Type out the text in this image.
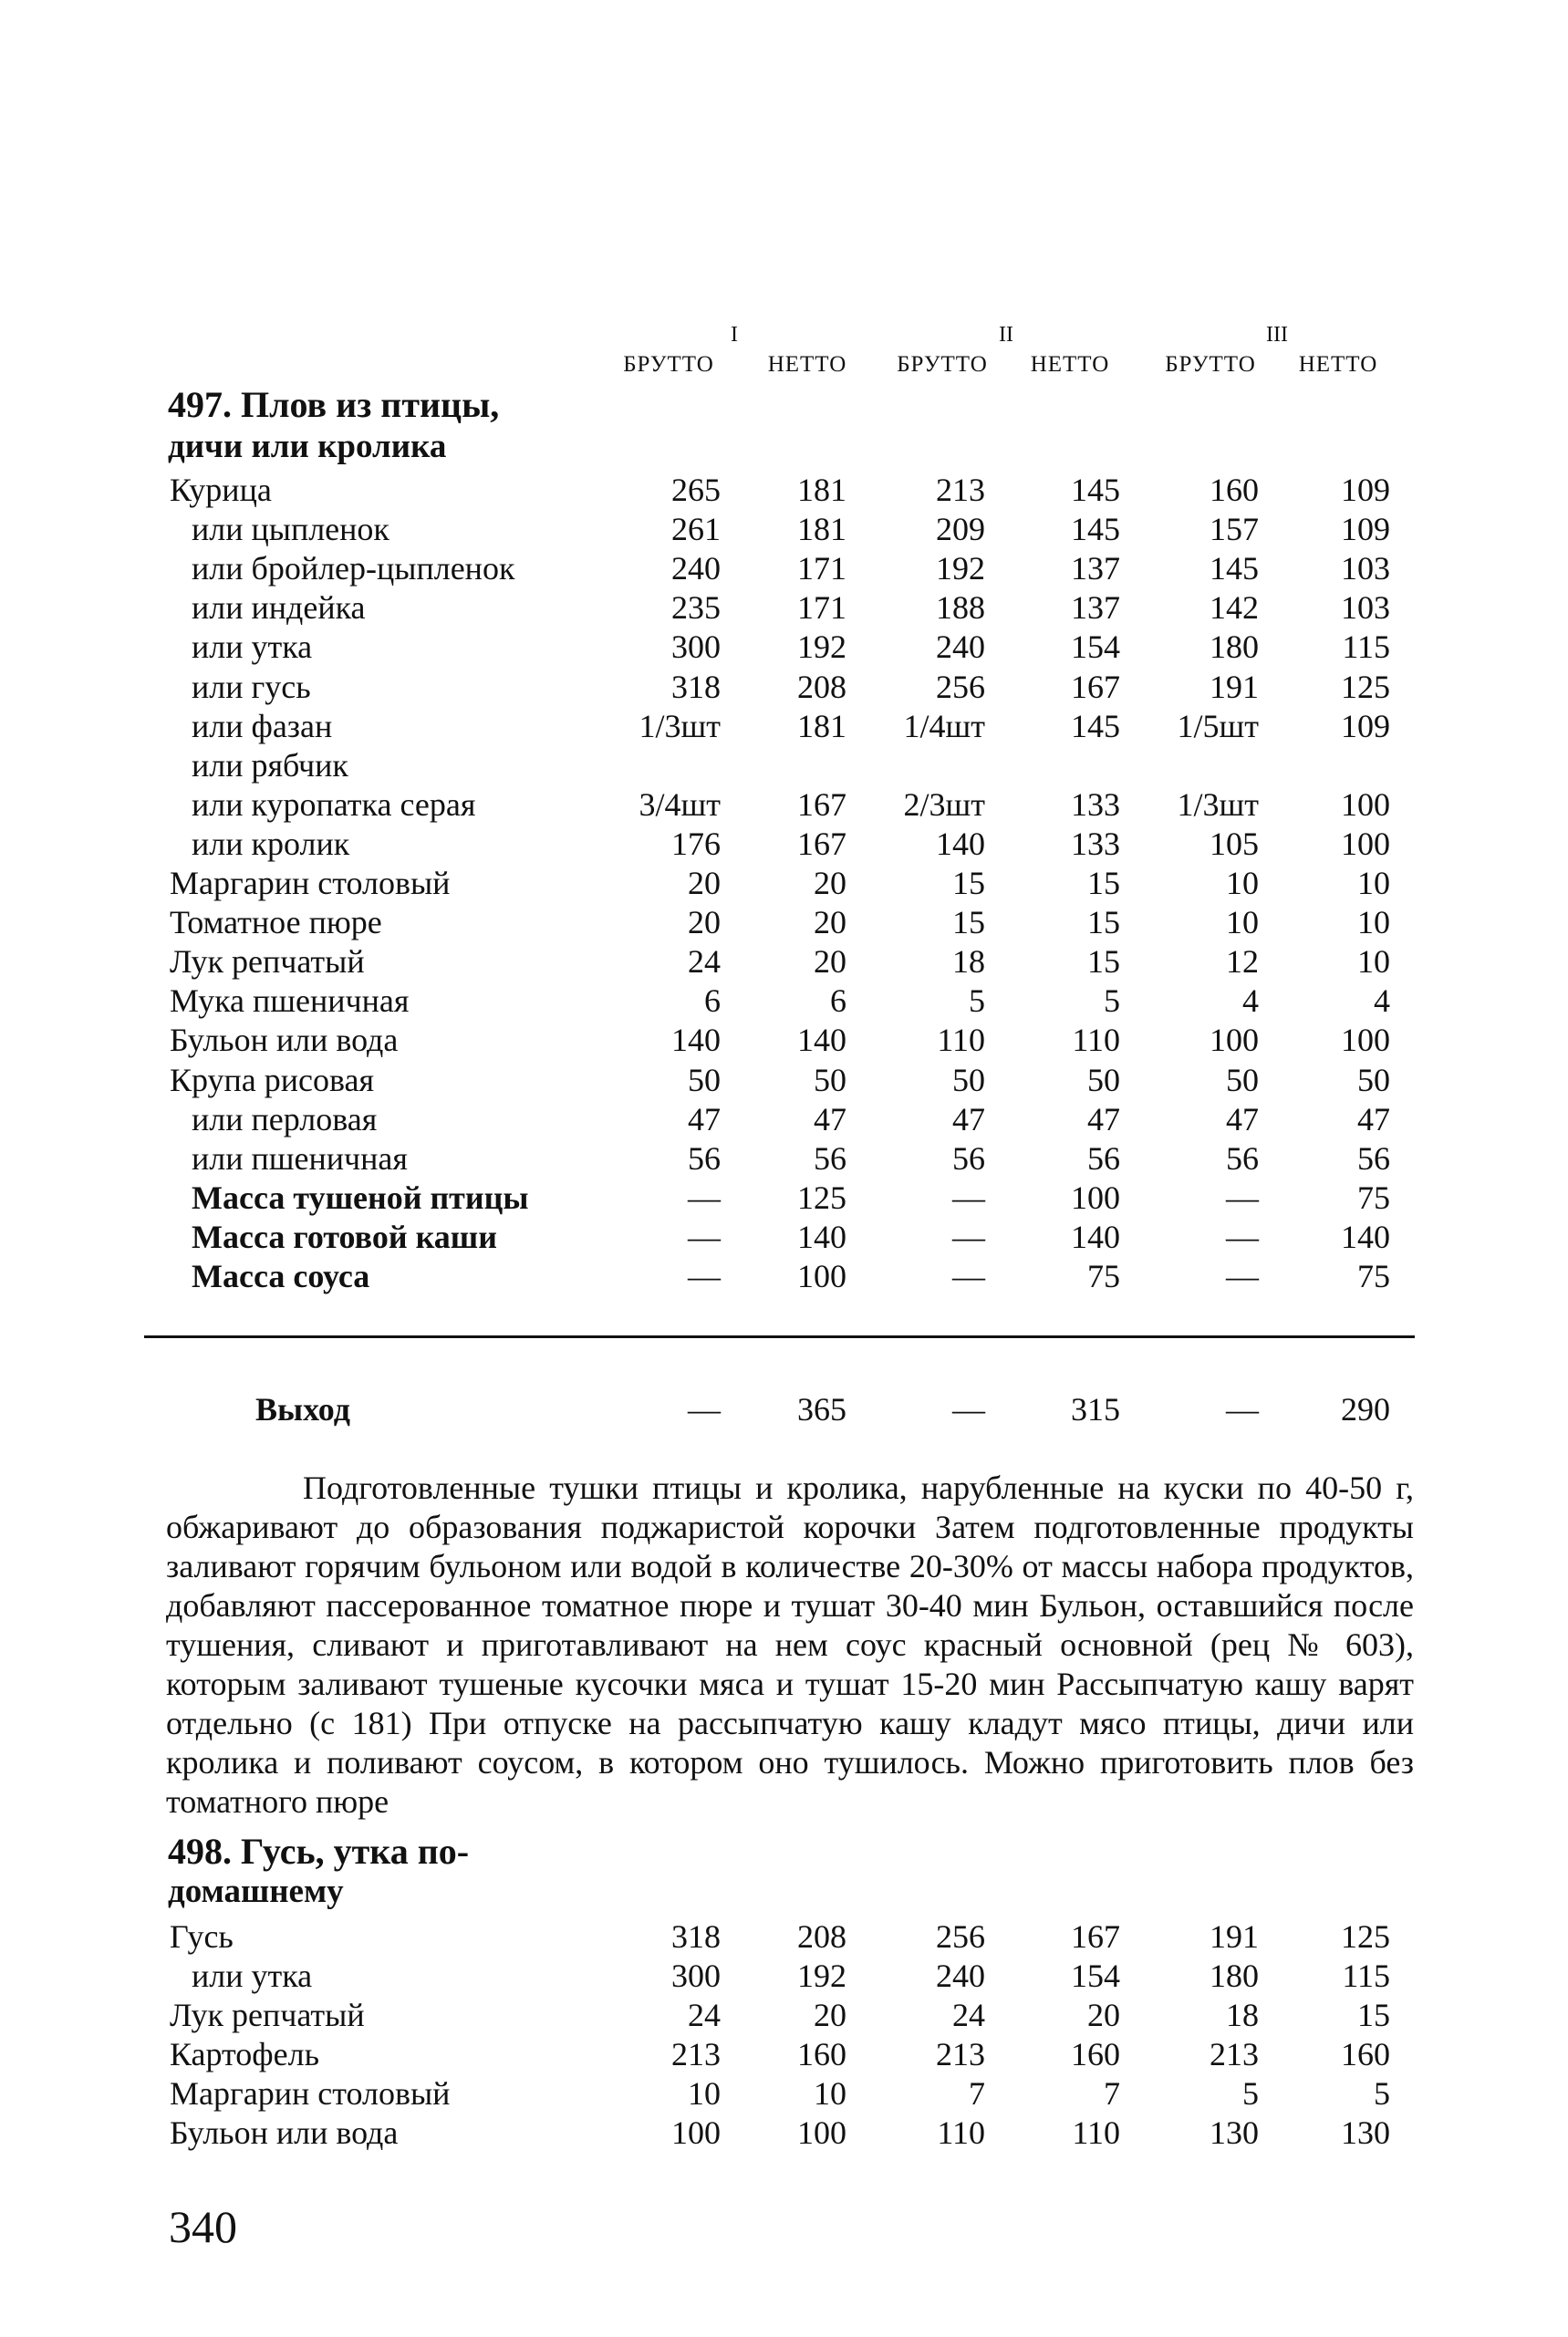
I	II	III
БРУТТО	НЕТТО	БРУТТО	НЕТТО	БРУТТО	НЕТТО
497. Плов из птицы,
дичи или кролика
Курица	265	181	213	145	160	109
или цыпленок	261	181	209	145	157	109
или бройлер-цыпленок	240	171	192	137	145	103
или индейка	235	171	188	137	142	103
или утка	300	192	240	154	180	115
или гусь	318	208	256	167	191	125
или фазан	1/3шт	181	1/4шт	145	1/5шт	109
или рябчик
или куропатка серая	3/4шт	167	2/3шт	133	1/3шт	100
или кролик	176	167	140	133	105	100
Маргарин столовый	20	20	15	15	10	10
Томатное пюре	20	20	15	15	10	10
Лук репчатый	24	20	18	15	12	10
Мука пшеничная	6	6	5	5	4	4
Бульон или вода	140	140	110	110	100	100
Крупа рисовая	50	50	50	50	50	50
или перловая	47	47	47	47	47	47
или пшеничная	56	56	56	56	56	56
Масса тушеной птицы	—	125	—	100	—	75
Масса готовой каши	—	140	—	140	—	140
Масса соуса	—	100	—	75	—	75
Выход	—	365	—	315	—	290
Подготовленные тушки птицы и кролика, нарубленные на куски по 40-50 г, обжаривают до образования поджаристой корочки Затем подготовленные продукты заливают горячим бульоном или водой в количестве 20-30% от массы набора продуктов, добавляют пассерованное томатное пюре и тушат 30-40 мин Бульон, оставшийся после тушения, сливают и приготавливают на нем соус красный основной (рец № 603), которым заливают тушеные кусочки мяса и тушат 15-20 мин Рассыпчатую кашу варят отдельно (с 181) При отпуске на рассыпчатую кашу кладут мясо птицы, дичи или кролика и поливают соусом, в котором оно тушилось. Можно приготовить плов без томатного пюре
498. Гусь, утка по-
домашнему
Гусь	318	208	256	167	191	125
или утка	300	192	240	154	180	115
Лук репчатый	24	20	24	20	18	15
Картофель	213	160	213	160	213	160
Маргарин столовый	10	10	7	7	5	5
Бульон или вода	100	100	110	110	130	130
340
